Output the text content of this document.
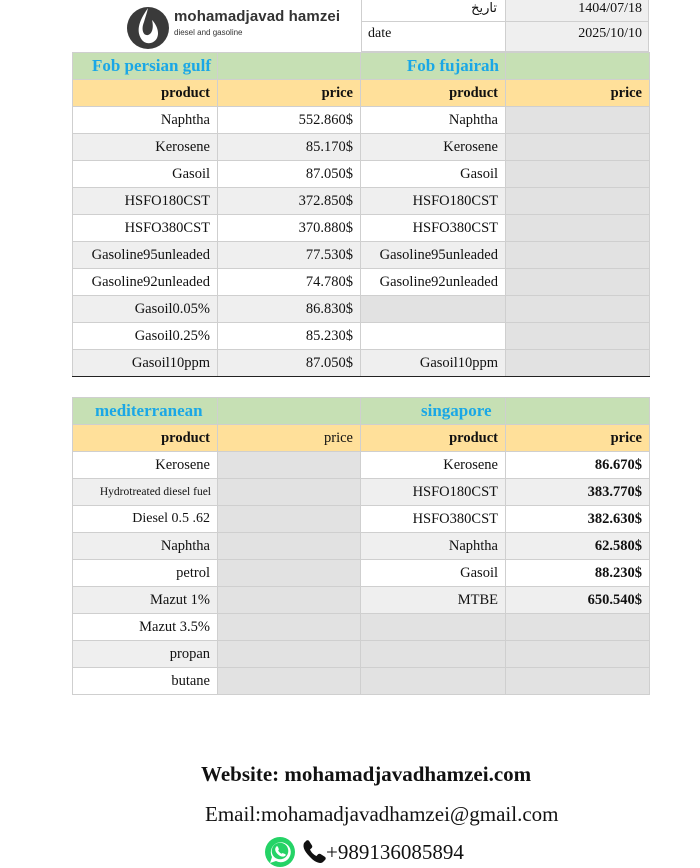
mohamadjavad hamzei
diesel and gasoline
تاریخ	1404/07/18
date	2025/10/10
Fob persian gulf		Fob fujairah	
product	price	product	price
Naphtha	552.860$	Naphtha	
Kerosene	85.170$	Kerosene	
Gasoil	87.050$	Gasoil	
HSFO180CST	372.850$	HSFO180CST	
HSFO380CST	370.880$	HSFO380CST	
Gasoline95unleaded	77.530$	Gasoline95unleaded	
Gasoline92unleaded	74.780$	Gasoline92unleaded	
Gasoil0.05%	86.830$		
Gasoil0.25%	85.230$		
Gasoil10ppm	87.050$	Gasoil10ppm	
mediterranean		singapore	
product	price	product	price
Kerosene		Kerosene	86.670$
Hydrotreated diesel fuel		HSFO180CST	383.770$
Diesel 0.5 .62		HSFO380CST	382.630$
Naphtha		Naphtha	62.580$
petrol		Gasoil	88.230$
Mazut 1%		MTBE	650.540$
Mazut 3.5%			
propan			
butane			
Website: mohamadjavadhamzei.com
Email:mohamadjavadhamzei@gmail.com
+989136085894
